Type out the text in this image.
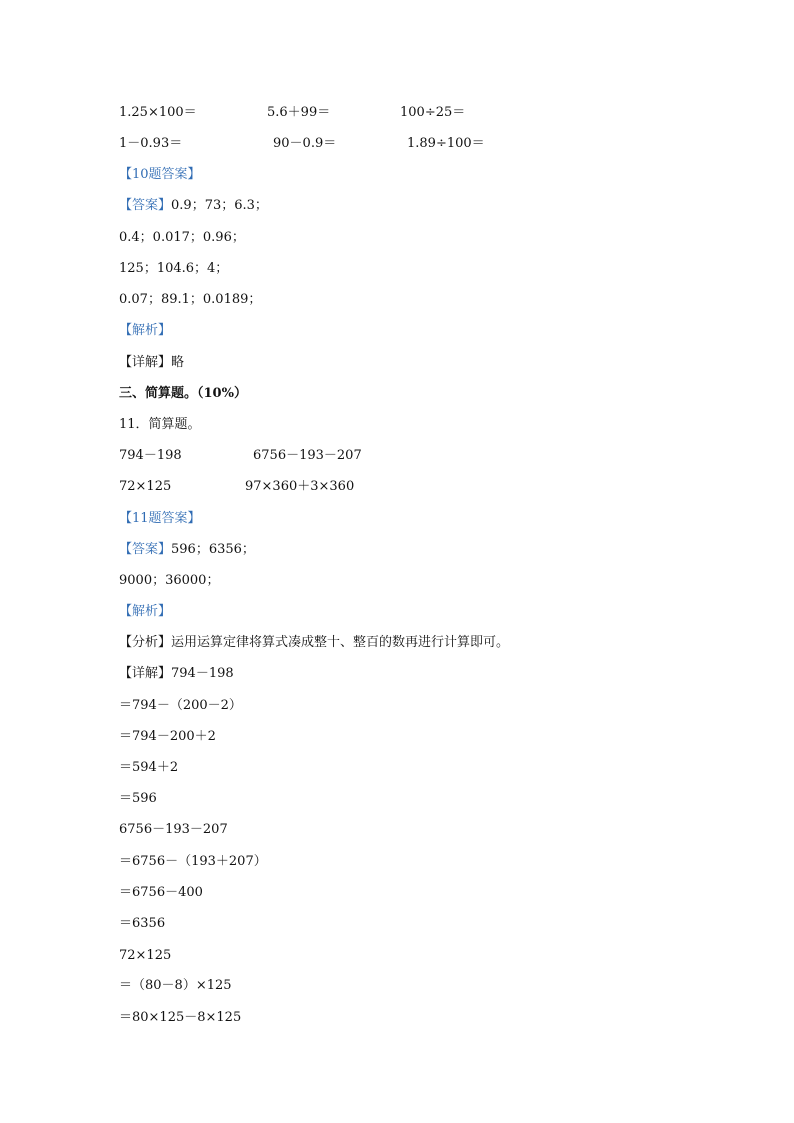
1.25×100＝	5.6＋99＝	100÷25＝
1－0.93＝	90－0.9＝	1.89÷100＝
【10题答案】
【答案】0.9；73；6.3；
0.4；0.017；0.96；
125；104.6；4；
0.07；89.1；0.0189；
【解析】
【详解】略
三、简算题。（10%）
11．简算题。
794－198	6756－193－207
72×125	97×360＋3×360
【11题答案】
【答案】596；6356；
9000；36000；
【解析】
【分析】运用运算定律将算式凑成整十、整百的数再进行计算即可。
【详解】794－198
＝794－（200－2）
＝794－200＋2
＝594＋2
＝596
6756－193－207
＝6756－（193＋207）
＝6756－400
＝6356
72×125
＝（80－8）×125
＝80×125－8×125
